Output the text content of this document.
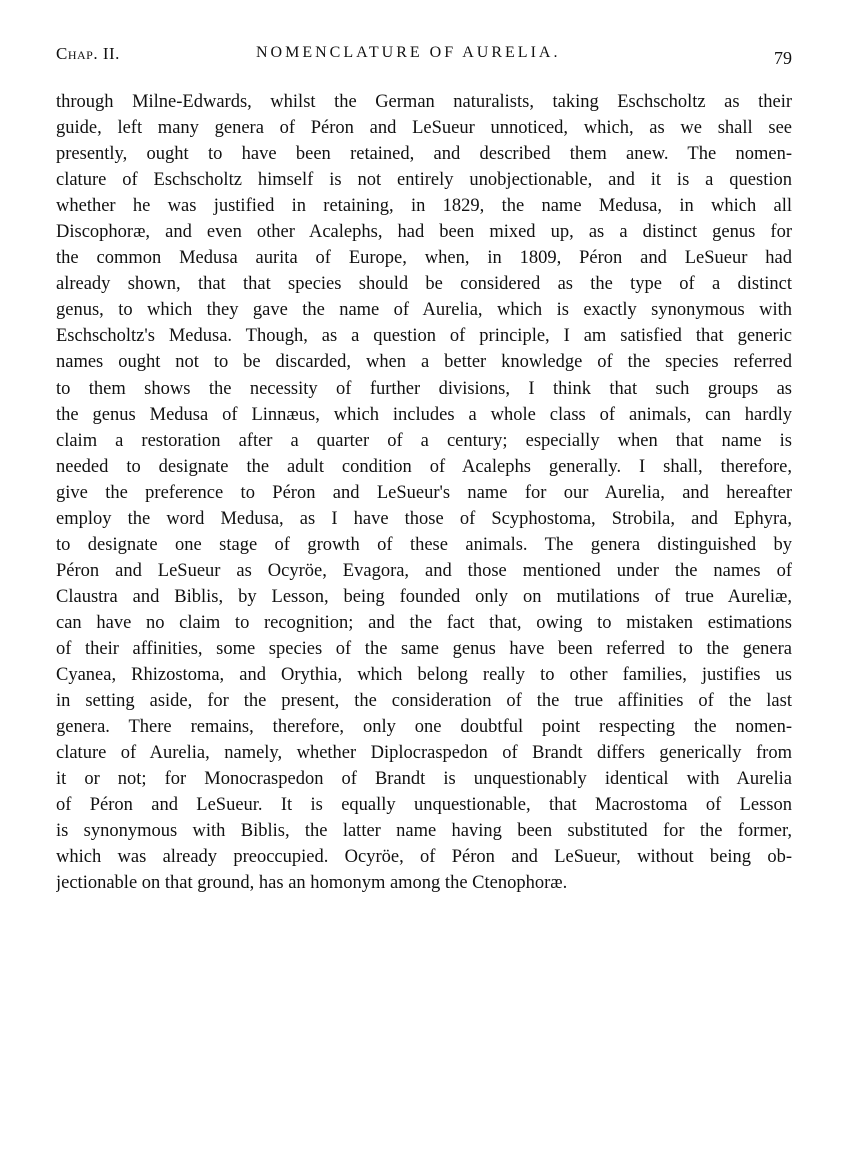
Chap. II.	NOMENCLATURE OF AURELIA.	79
through Milne-Edwards, whilst the German naturalists, taking Eschscholtz as their
guide, left many genera of Péron and LeSueur unnoticed, which, as we shall see
presently, ought to have been retained, and described them anew. The nomen-
clature of Eschscholtz himself is not entirely unobjectionable, and it is a question
whether he was justified in retaining, in 1829, the name Medusa, in which all
Discophoræ, and even other Acalephs, had been mixed up, as a distinct genus for
the common Medusa aurita of Europe, when, in 1809, Péron and LeSueur had
already shown, that that species should be considered as the type of a distinct
genus, to which they gave the name of Aurelia, which is exactly synonymous with
Eschscholtz's Medusa. Though, as a question of principle, I am satisfied that generic
names ought not to be discarded, when a better knowledge of the species referred
to them shows the necessity of further divisions, I think that such groups as
the genus Medusa of Linnæus, which includes a whole class of animals, can hardly
claim a restoration after a quarter of a century; especially when that name is
needed to designate the adult condition of Acalephs generally. I shall, therefore,
give the preference to Péron and LeSueur's name for our Aurelia, and hereafter
employ the word Medusa, as I have those of Scyphostoma, Strobila, and Ephyra,
to designate one stage of growth of these animals. The genera distinguished by
Péron and LeSueur as Ocyröe, Evagora, and those mentioned under the names of
Claustra and Biblis, by Lesson, being founded only on mutilations of true Aureliæ,
can have no claim to recognition; and the fact that, owing to mistaken estimations
of their affinities, some species of the same genus have been referred to the genera
Cyanea, Rhizostoma, and Orythia, which belong really to other families, justifies us
in setting aside, for the present, the consideration of the true affinities of the last
genera. There remains, therefore, only one doubtful point respecting the nomen-
clature of Aurelia, namely, whether Diplocraspedon of Brandt differs generically from
it or not; for Monocraspedon of Brandt is unquestionably identical with Aurelia
of Péron and LeSueur. It is equally unquestionable, that Macrostoma of Lesson
is synonymous with Biblis, the latter name having been substituted for the former,
which was already preoccupied. Ocyröe, of Péron and LeSueur, without being ob-
jectionable on that ground, has an homonym among the Ctenophoræ.
